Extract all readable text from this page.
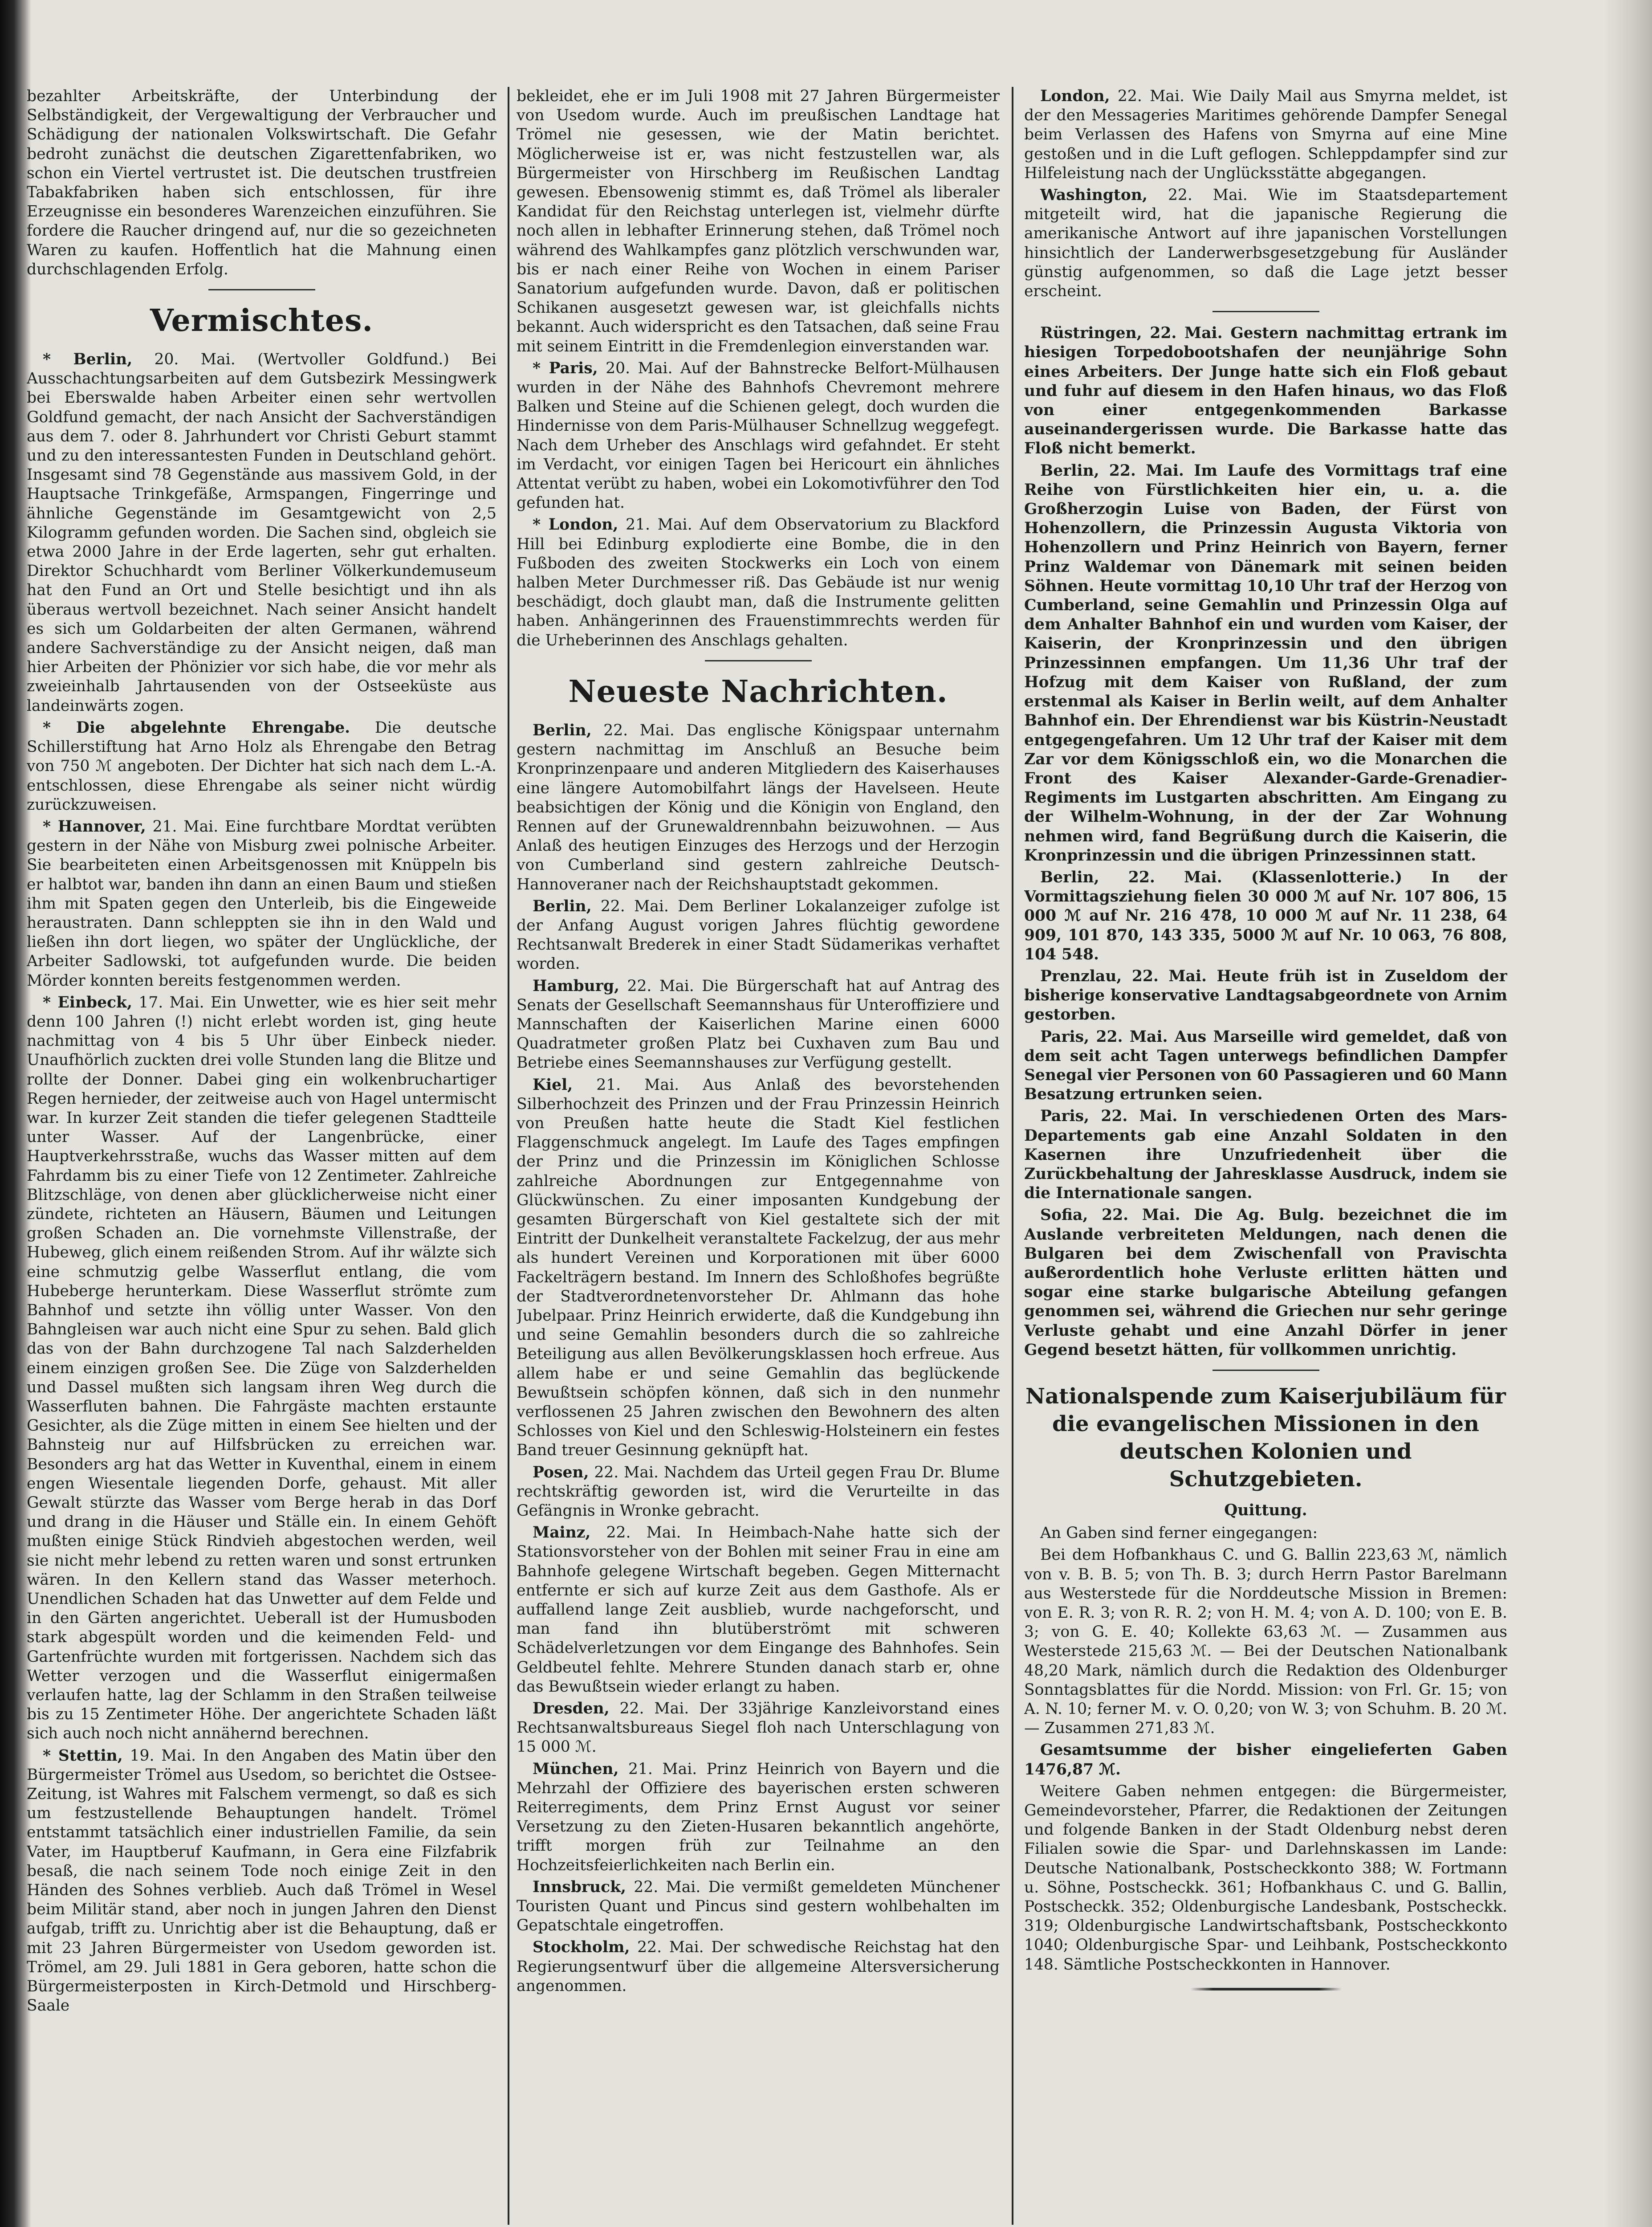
bezahlter Arbeitskräfte, der Unterbindung der Selbständigkeit, der Vergewaltigung der Verbraucher und Schädigung der nationalen Volkswirtschaft. Die Gefahr bedroht zunächst die deutschen Zigarettenfabriken, wo schon ein Viertel vertrustet ist. Die deutschen trustfreien Tabakfabriken haben sich entschlossen, für ihre Erzeugnisse ein besonderes Warenzeichen einzuführen. Sie fordere die Raucher dringend auf, nur die so gezeichneten Waren zu kaufen. Hoffentlich hat die Mahnung einen durchschlagenden Erfolg.

Vermischtes.

* Berlin, 20. Mai. (Wertvoller Goldfund.) Bei Ausschachtungsarbeiten auf dem Gutsbezirk Messingwerk bei Eberswalde haben Arbeiter einen sehr wertvollen Goldfund gemacht, der nach Ansicht der Sachverständigen aus dem 7. oder 8. Jahrhundert vor Christi Geburt stammt und zu den interessantesten Funden in Deutschland gehört. Insgesamt sind 78 Gegenstände aus massivem Gold, in der Hauptsache Trinkgefäße, Armspangen, Fingerringe und ähnliche Gegenstände im Gesamtgewicht von 2,5 Kilogramm gefunden worden. Die Sachen sind, obgleich sie etwa 2000 Jahre in der Erde lagerten, sehr gut erhalten. Direktor Schuchhardt vom Berliner Völkerkundemuseum hat den Fund an Ort und Stelle besichtigt und ihn als überaus wertvoll bezeichnet. Nach seiner Ansicht handelt es sich um Goldarbeiten der alten Germanen, während andere Sachverständige zu der Ansicht neigen, daß man hier Arbeiten der Phönizier vor sich habe, die vor mehr als zweieinhalb Jahrtausenden von der Ostseeküste aus landeinwärts zogen.

* Die abgelehnte Ehrengabe. Die deutsche Schillerstiftung hat Arno Holz als Ehrengabe den Betrag von 750 ℳ angeboten. Der Dichter hat sich nach dem L.-A. entschlossen, diese Ehrengabe als seiner nicht würdig zurückzuweisen.

* Hannover, 21. Mai. Eine furchtbare Mordtat verübten gestern in der Nähe von Misburg zwei polnische Arbeiter. Sie bearbeiteten einen Arbeitsgenossen mit Knüppeln bis er halbtot war, banden ihn dann an einen Baum und stießen ihm mit Spaten gegen den Unterleib, bis die Eingeweide heraustraten. Dann schleppten sie ihn in den Wald und ließen ihn dort liegen, wo später der Unglückliche, der Arbeiter Sadlowski, tot aufgefunden wurde. Die beiden Mörder konnten bereits festgenommen werden.

* Einbeck, 17. Mai. Ein Unwetter, wie es hier seit mehr denn 100 Jahren (!) nicht erlebt worden ist, ging heute nachmittag von 4 bis 5 Uhr über Einbeck nieder. Unaufhörlich zuckten drei volle Stunden lang die Blitze und rollte der Donner. Dabei ging ein wolkenbruchartiger Regen hernieder, der zeitweise auch von Hagel untermischt war. In kurzer Zeit standen die tiefer gelegenen Stadtteile unter Wasser. Auf der Langenbrücke, einer Hauptverkehrsstraße, wuchs das Wasser mitten auf dem Fahrdamm bis zu einer Tiefe von 12 Zentimeter. Zahlreiche Blitzschläge, von denen aber glücklicherweise nicht einer zündete, richteten an Häusern, Bäumen und Leitungen großen Schaden an. Die vornehmste Villenstraße, der Hubeweg, glich einem reißenden Strom. Auf ihr wälzte sich eine schmutzig gelbe Wasserflut entlang, die vom Hubeberge herunterkam. Diese Wasserflut strömte zum Bahnhof und setzte ihn völlig unter Wasser. Von den Bahngleisen war auch nicht eine Spur zu sehen. Bald glich das von der Bahn durchzogene Tal nach Salzderhelden einem einzigen großen See. Die Züge von Salzderhelden und Dassel mußten sich langsam ihren Weg durch die Wasserfluten bahnen. Die Fahrgäste machten erstaunte Gesichter, als die Züge mitten in einem See hielten und der Bahnsteig nur auf Hilfsbrücken zu erreichen war. Besonders arg hat das Wetter in Kuventhal, einem in einem engen Wiesentale liegenden Dorfe, gehaust. Mit aller Gewalt stürzte das Wasser vom Berge herab in das Dorf und drang in die Häuser und Ställe ein. In einem Gehöft mußten einige Stück Rindvieh abgestochen werden, weil sie nicht mehr lebend zu retten waren und sonst ertrunken wären. In den Kellern stand das Wasser meterhoch. Unendlichen Schaden hat das Unwetter auf dem Felde und in den Gärten angerichtet. Ueberall ist der Humusboden stark abgespült worden und die keimenden Feld- und Gartenfrüchte wurden mit fortgerissen. Nachdem sich das Wetter verzogen und die Wasserflut einigermaßen verlaufen hatte, lag der Schlamm in den Straßen teilweise bis zu 15 Zentimeter Höhe. Der angerichtete Schaden läßt sich auch noch nicht annähernd berechnen.

* Stettin, 19. Mai. In den Angaben des Matin über den Bürgermeister Trömel aus Usedom, so berichtet die Ostsee-Zeitung, ist Wahres mit Falschem vermengt, so daß es sich um festzustellende Behauptungen handelt. Trömel entstammt tatsächlich einer industriellen Familie, da sein Vater, im Hauptberuf Kaufmann, in Gera eine Filzfabrik besaß, die nach seinem Tode noch einige Zeit in den Händen des Sohnes verblieb. Auch daß Trömel in Wesel beim Militär stand, aber noch in jungen Jahren den Dienst aufgab, trifft zu. Unrichtig aber ist die Behauptung, daß er mit 23 Jahren Bürgermeister von Usedom geworden ist. Trömel, am 29. Juli 1881 in Gera geboren, hatte schon die Bürgermeisterposten in Kirch-Detmold und Hirschberg-Saale

bekleidet, ehe er im Juli 1908 mit 27 Jahren Bürgermeister von Usedom wurde. Auch im preußischen Landtage hat Trömel nie gesessen, wie der Matin berichtet. Möglicherweise ist er, was nicht festzustellen war, als Bürgermeister von Hirschberg im Reußischen Landtag gewesen. Ebensowenig stimmt es, daß Trömel als liberaler Kandidat für den Reichstag unterlegen ist, vielmehr dürfte noch allen in lebhafter Erinnerung stehen, daß Trömel noch während des Wahlkampfes ganz plötzlich verschwunden war, bis er nach einer Reihe von Wochen in einem Pariser Sanatorium aufgefunden wurde. Davon, daß er politischen Schikanen ausgesetzt gewesen war, ist gleichfalls nichts bekannt. Auch widerspricht es den Tatsachen, daß seine Frau mit seinem Eintritt in die Fremdenlegion einverstanden war.

* Paris, 20. Mai. Auf der Bahnstrecke Belfort-Mülhausen wurden in der Nähe des Bahnhofs Chevremont mehrere Balken und Steine auf die Schienen gelegt, doch wurden die Hindernisse von dem Paris-Mülhauser Schnellzug weggefegt. Nach dem Urheber des Anschlags wird gefahndet. Er steht im Verdacht, vor einigen Tagen bei Hericourt ein ähnliches Attentat verübt zu haben, wobei ein Lokomotivführer den Tod gefunden hat.

* London, 21. Mai. Auf dem Observatorium zu Blackford Hill bei Edinburg explodierte eine Bombe, die in den Fußboden des zweiten Stockwerks ein Loch von einem halben Meter Durchmesser riß. Das Gebäude ist nur wenig beschädigt, doch glaubt man, daß die Instrumente gelitten haben. Anhängerinnen des Frauenstimmrechts werden für die Urheberinnen des Anschlags gehalten.

Neueste Nachrichten.

Berlin, 22. Mai. Das englische Königspaar unternahm gestern nachmittag im Anschluß an Besuche beim Kronprinzenpaare und anderen Mitgliedern des Kaiserhauses eine längere Automobilfahrt längs der Havelseen. Heute beabsichtigen der König und die Königin von England, den Rennen auf der Grunewaldrennbahn beizuwohnen. — Aus Anlaß des heutigen Einzuges des Herzogs und der Herzogin von Cumberland sind gestern zahlreiche Deutsch-Hannoveraner nach der Reichshauptstadt gekommen.

Berlin, 22. Mai. Dem Berliner Lokalanzeiger zufolge ist der Anfang August vorigen Jahres flüchtig gewordene Rechtsanwalt Brederek in einer Stadt Südamerikas verhaftet worden.

Hamburg, 22. Mai. Die Bürgerschaft hat auf Antrag des Senats der Gesellschaft Seemannshaus für Unteroffiziere und Mannschaften der Kaiserlichen Marine einen 6000 Quadratmeter großen Platz bei Cuxhaven zum Bau und Betriebe eines Seemannshauses zur Verfügung gestellt.

Kiel, 21. Mai. Aus Anlaß des bevorstehenden Silberhochzeit des Prinzen und der Frau Prinzessin Heinrich von Preußen hatte heute die Stadt Kiel festlichen Flaggenschmuck angelegt. Im Laufe des Tages empfingen der Prinz und die Prinzessin im Königlichen Schlosse zahlreiche Abordnungen zur Entgegennahme von Glückwünschen. Zu einer imposanten Kundgebung der gesamten Bürgerschaft von Kiel gestaltete sich der mit Eintritt der Dunkelheit veranstaltete Fackelzug, der aus mehr als hundert Vereinen und Korporationen mit über 6000 Fackelträgern bestand. Im Innern des Schloßhofes begrüßte der Stadtverordnetenvorsteher Dr. Ahlmann das hohe Jubelpaar. Prinz Heinrich erwiderte, daß die Kundgebung ihn und seine Gemahlin besonders durch die so zahlreiche Beteiligung aus allen Bevölkerungsklassen hoch erfreue. Aus allem habe er und seine Gemahlin das beglückende Bewußtsein schöpfen können, daß sich in den nunmehr verflossenen 25 Jahren zwischen den Bewohnern des alten Schlosses von Kiel und den Schleswig-Holsteinern ein festes Band treuer Gesinnung geknüpft hat.

Posen, 22. Mai. Nachdem das Urteil gegen Frau Dr. Blume rechtskräftig geworden ist, wird die Verurteilte in das Gefängnis in Wronke gebracht.

Mainz, 22. Mai. In Heimbach-Nahe hatte sich der Stationsvorsteher von der Bohlen mit seiner Frau in eine am Bahnhofe gelegene Wirtschaft begeben. Gegen Mitternacht entfernte er sich auf kurze Zeit aus dem Gasthofe. Als er auffallend lange Zeit ausblieb, wurde nachgeforscht, und man fand ihn blutüberströmt mit schweren Schädelverletzungen vor dem Eingange des Bahnhofes. Sein Geldbeutel fehlte. Mehrere Stunden danach starb er, ohne das Bewußtsein wieder erlangt zu haben.

Dresden, 22. Mai. Der 33jährige Kanzleivorstand eines Rechtsanwaltsbureaus Siegel floh nach Unterschlagung von 15 000 ℳ.

München, 21. Mai. Prinz Heinrich von Bayern und die Mehrzahl der Offiziere des bayerischen ersten schweren Reiterregiments, dem Prinz Ernst August vor seiner Versetzung zu den Zieten-Husaren bekanntlich angehörte, trifft morgen früh zur Teilnahme an den Hochzeitsfeierlichkeiten nach Berlin ein.

Innsbruck, 22. Mai. Die vermißt gemeldeten Münchener Touristen Quant und Pincus sind gestern wohlbehalten im Gepatschtale eingetroffen.

Stockholm, 22. Mai. Der schwedische Reichstag hat den Regierungsentwurf über die allgemeine Altersversicherung angenommen.

London, 22. Mai. Wie Daily Mail aus Smyrna meldet, ist der den Messageries Maritimes gehörende Dampfer Senegal beim Verlassen des Hafens von Smyrna auf eine Mine gestoßen und in die Luft geflogen. Schleppdampfer sind zur Hilfeleistung nach der Unglücksstätte abgegangen.

Washington, 22. Mai. Wie im Staatsdepartement mitgeteilt wird, hat die japanische Regierung die amerikanische Antwort auf ihre japanischen Vorstellungen hinsichtlich der Landerwerbsgesetzgebung für Ausländer günstig aufgenommen, so daß die Lage jetzt besser erscheint.

Rüstringen, 22. Mai. Gestern nachmittag ertrank im hiesigen Torpedobootshafen der neunjährige Sohn eines Arbeiters. Der Junge hatte sich ein Floß gebaut und fuhr auf diesem in den Hafen hinaus, wo das Floß von einer entgegenkommenden Barkasse auseinandergerissen wurde. Die Barkasse hatte das Floß nicht bemerkt.

Berlin, 22. Mai. Im Laufe des Vormittags traf eine Reihe von Fürstlichkeiten hier ein, u. a. die Großherzogin Luise von Baden, der Fürst von Hohenzollern, die Prinzessin Augusta Viktoria von Hohenzollern und Prinz Heinrich von Bayern, ferner Prinz Waldemar von Dänemark mit seinen beiden Söhnen. Heute vormittag 10,10 Uhr traf der Herzog von Cumberland, seine Gemahlin und Prinzessin Olga auf dem Anhalter Bahnhof ein und wurden vom Kaiser, der Kaiserin, der Kronprinzessin und den übrigen Prinzessinnen empfangen. Um 11,36 Uhr traf der Hofzug mit dem Kaiser von Rußland, der zum erstenmal als Kaiser in Berlin weilt, auf dem Anhalter Bahnhof ein. Der Ehrendienst war bis Küstrin-Neustadt entgegengefahren. Um 12 Uhr traf der Kaiser mit dem Zar vor dem Königsschloß ein, wo die Monarchen die Front des Kaiser Alexander-Garde-Grenadier-Regiments im Lustgarten abschritten. Am Eingang zu der Wilhelm-Wohnung, in der der Zar Wohnung nehmen wird, fand Begrüßung durch die Kaiserin, die Kronprinzessin und die übrigen Prinzessinnen statt.

Berlin, 22. Mai. (Klassenlotterie.) In der Vormittagsziehung fielen 30 000 ℳ auf Nr. 107 806, 15 000 ℳ auf Nr. 216 478, 10 000 ℳ auf Nr. 11 238, 64 909, 101 870, 143 335, 5000 ℳ auf Nr. 10 063, 76 808, 104 548.

Prenzlau, 22. Mai. Heute früh ist in Zuseldom der bisherige konservative Landtagsabgeordnete von Arnim gestorben.

Paris, 22. Mai. Aus Marseille wird gemeldet, daß von dem seit acht Tagen unterwegs befindlichen Dampfer Senegal vier Personen von 60 Passagieren und 60 Mann Besatzung ertrunken seien.

Paris, 22. Mai. In verschiedenen Orten des Mars-Departements gab eine Anzahl Soldaten in den Kasernen ihre Unzufriedenheit über die Zurückbehaltung der Jahresklasse Ausdruck, indem sie die Internationale sangen.

Sofia, 22. Mai. Die Ag. Bulg. bezeichnet die im Auslande verbreiteten Meldungen, nach denen die Bulgaren bei dem Zwischenfall von Pravischta außerordentlich hohe Verluste erlitten hätten und sogar eine starke bulgarische Abteilung gefangen genommen sei, während die Griechen nur sehr geringe Verluste gehabt und eine Anzahl Dörfer in jener Gegend besetzt hätten, für vollkommen unrichtig.

Nationalspende zum Kaiserjubiläum für die evangelischen Missionen in den deutschen Kolonien und Schutzgebieten.

Quittung.

An Gaben sind ferner eingegangen:

Bei dem Hofbankhaus C. und G. Ballin 223,63 ℳ, nämlich von v. B. B. 5; von Th. B. 3; durch Herrn Pastor Barelmann aus Westerstede für die Norddeutsche Mission in Bremen: von E. R. 3; von R. R. 2; von H. M. 4; von A. D. 100; von E. B. 3; von G. E. 40; Kollekte 63,63 ℳ. — Zusammen aus Westerstede 215,63 ℳ. — Bei der Deutschen Nationalbank 48,20 Mark, nämlich durch die Redaktion des Oldenburger Sonntagsblattes für die Nordd. Mission: von Frl. Gr. 15; von A. N. 10; ferner M. v. O. 0,20; von W. 3; von Schuhm. B. 20 ℳ. — Zusammen 271,83 ℳ.

Gesamtsumme der bisher eingelieferten Gaben 1476,87 ℳ.

Weitere Gaben nehmen entgegen: die Bürgermeister, Gemeindevorsteher, Pfarrer, die Redaktionen der Zeitungen und folgende Banken in der Stadt Oldenburg nebst deren Filialen sowie die Spar- und Darlehnskassen im Lande: Deutsche Nationalbank, Postscheckkonto 388; W. Fortmann u. Söhne, Postscheckk. 361; Hofbankhaus C. und G. Ballin, Postscheckk. 352; Oldenburgische Landesbank, Postscheckk. 319; Oldenburgische Landwirtschaftsbank, Postscheckkonto 1040; Oldenburgische Spar- und Leihbank, Postscheckkonto 148. Sämtliche Postscheckkonten in Hannover.
